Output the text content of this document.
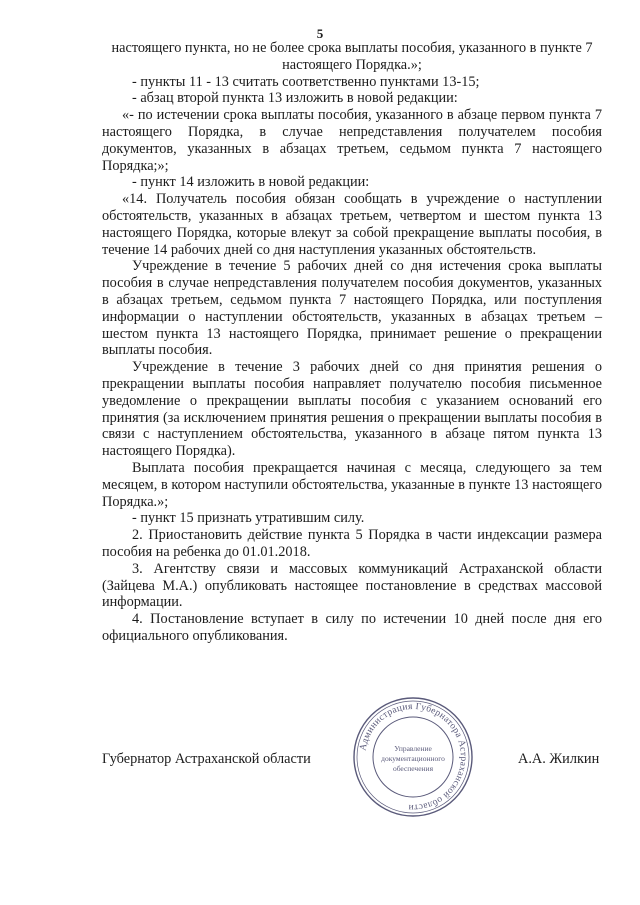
5

настоящего пункта, но не более срока выплаты пособия, указанного в пункте 7 настоящего Порядка.»;

- пункты 11 - 13 считать соответственно пунктами 13-15;

- абзац второй пункта 13 изложить в новой редакции:

«- по истечении срока выплаты пособия, указанного в абзаце первом пункта 7 настоящего Порядка, в случае непредставления получателем пособия документов, указанных в абзацах третьем, седьмом пункта 7 настоящего Порядка;»;

- пункт 14 изложить в новой редакции:

«14. Получатель пособия обязан сообщать в учреждение о наступлении обстоятельств, указанных в абзацах третьем, четвертом и шестом пункта 13 настоящего Порядка, которые влекут за собой прекращение выплаты пособия, в течение 14 рабочих дней со дня наступления указанных обстоятельств.

Учреждение в течение 5 рабочих дней со дня истечения срока выплаты пособия в случае непредставления получателем пособия документов, указанных в абзацах третьем, седьмом пункта 7 настоящего Порядка, или поступления информации о наступлении обстоятельств, указанных в абзацах третьем – шестом пункта 13 настоящего Порядка, принимает решение о прекращении выплаты пособия.

Учреждение в течение 3 рабочих дней со дня принятия решения о прекращении выплаты пособия направляет получателю пособия письменное уведомление о прекращении выплаты пособия с указанием оснований его принятия (за исключением принятия решения о прекращении выплаты пособия в связи с наступлением обстоятельства, указанного в абзаце пятом пункта 13 настоящего Порядка).

Выплата пособия прекращается начиная с месяца, следующего за тем месяцем, в котором наступили обстоятельства, указанные в пункте 13 настоящего Порядка.»;

- пункт 15 признать утратившим силу.

2. Приостановить действие пункта 5 Порядка в части индексации размера пособия на ребенка до 01.01.2018.

3. Агентству связи и массовых коммуникаций Астраханской области (Зайцева М.А.) опубликовать настоящее постановление в средствах массовой информации.

4. Постановление вступает в силу по истечении 10 дней после дня его официального опубликования.

Губернатор Астраханской области	А.А. Жилкин
Администрация Губернатора Астраханской области
Управление
документационного
обеспечения
